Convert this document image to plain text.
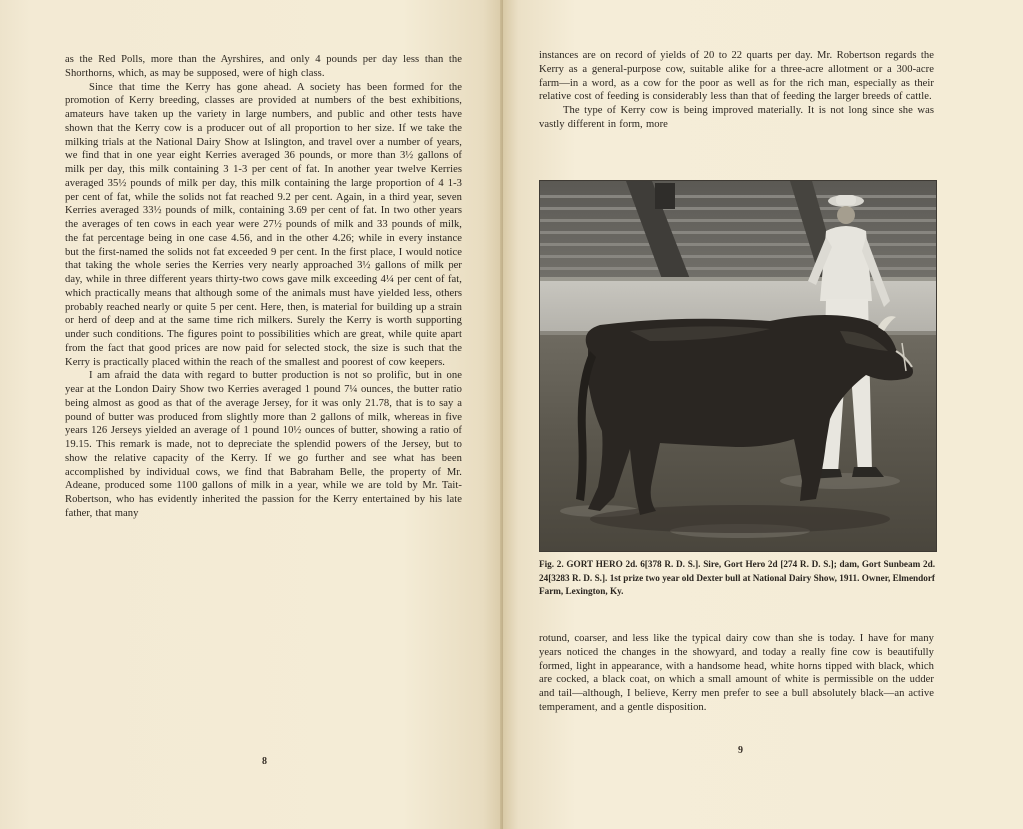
as the Red Polls, more than the Ayrshires, and only 4 pounds per day less than the Shorthorns, which, as may be supposed, were of high class.

Since that time the Kerry has gone ahead. A society has been formed for the promotion of Kerry breeding, classes are provided at numbers of the best exhibitions, amateurs have taken up the variety in large numbers, and public and other tests have shown that the Kerry cow is a producer out of all proportion to her size. If we take the milking trials at the National Dairy Show at Islington, and travel over a number of years, we find that in one year eight Kerries averaged 36 pounds, or more than 3½ gallons of milk per day, this milk containing 3 1-3 per cent of fat. In another year twelve Kerries averaged 35½ pounds of milk per day, this milk containing the large proportion of 4 1-3 per cent of fat, while the solids not fat reached 9.2 per cent. Again, in a third year, seven Kerries averaged 33½ pounds of milk, containing 3.69 per cent of fat. In two other years the averages of ten cows in each year were 27½ pounds of milk and 33 pounds of milk, the fat percentage being in one case 4.56, and in the other 4.26; while in every instance but the first-named the solids not fat exceeded 9 per cent. In the first place, I would notice that taking the whole series the Kerries very nearly approached 3½ gallons of milk per day, while in three different years thirty-two cows gave milk exceeding 4¼ per cent of fat, which practically means that although some of the animals must have yielded less, others probably reached nearly or quite 5 per cent. Here, then, is material for building up a strain or herd of deep and at the same time rich milkers. Surely the Kerry is worth supporting under such conditions. The figures point to possibilities which are great, while quite apart from the fact that good prices are now paid for selected stock, the size is such that the Kerry is practically placed within the reach of the smallest and poorest of cow keepers.

I am afraid the data with regard to butter production is not so prolific, but in one year at the London Dairy Show two Kerries averaged 1 pound 7¼ ounces, the butter ratio being almost as good as that of the average Jersey, for it was only 21.78, that is to say a pound of butter was produced from slightly more than 2 gallons of milk, whereas in five years 126 Jerseys yielded an average of 1 pound 10½ ounces of butter, showing a ratio of 19.15. This remark is made, not to depreciate the splendid powers of the Jersey, but to show the relative capacity of the Kerry. If we go further and see what has been accomplished by individual cows, we find that Babraham Belle, the property of Mr. Adeane, produced some 1100 gallons of milk in a year, while we are told by Mr. Tait-Robertson, who has evidently inherited the passion for the Kerry entertained by his late father, that many

8

instances are on record of yields of 20 to 22 quarts per day. Mr. Robertson regards the Kerry as a general-purpose cow, suitable alike for a three-acre allotment or a 300-acre farm—in a word, as a cow for the poor as well as for the rich man, especially as their relative cost of feeding is considerably less than that of feeding the larger breeds of cattle.

The type of Kerry cow is being improved materially. It is not long since she was vastly different in form, more

Fig. 2. GORT HERO 2d. 6[378 R. D. S.]. Sire, Gort Hero 2d [274 R. D. S.]; dam, Gort Sunbeam 2d. 24[3283 R. D. S.]. 1st prize two year old Dexter bull at National Dairy Show, 1911. Owner, Elmendorf Farm, Lexington, Ky.

rotund, coarser, and less like the typical dairy cow than she is today. I have for many years noticed the changes in the showyard, and today a really fine cow is beautifully formed, light in appearance, with a handsome head, white horns tipped with black, which are cocked, a black coat, on which a small amount of white is permissible on the udder and tail—although, I believe, Kerry men prefer to see a bull absolutely black—an active temperament, and a gentle disposition.

9
